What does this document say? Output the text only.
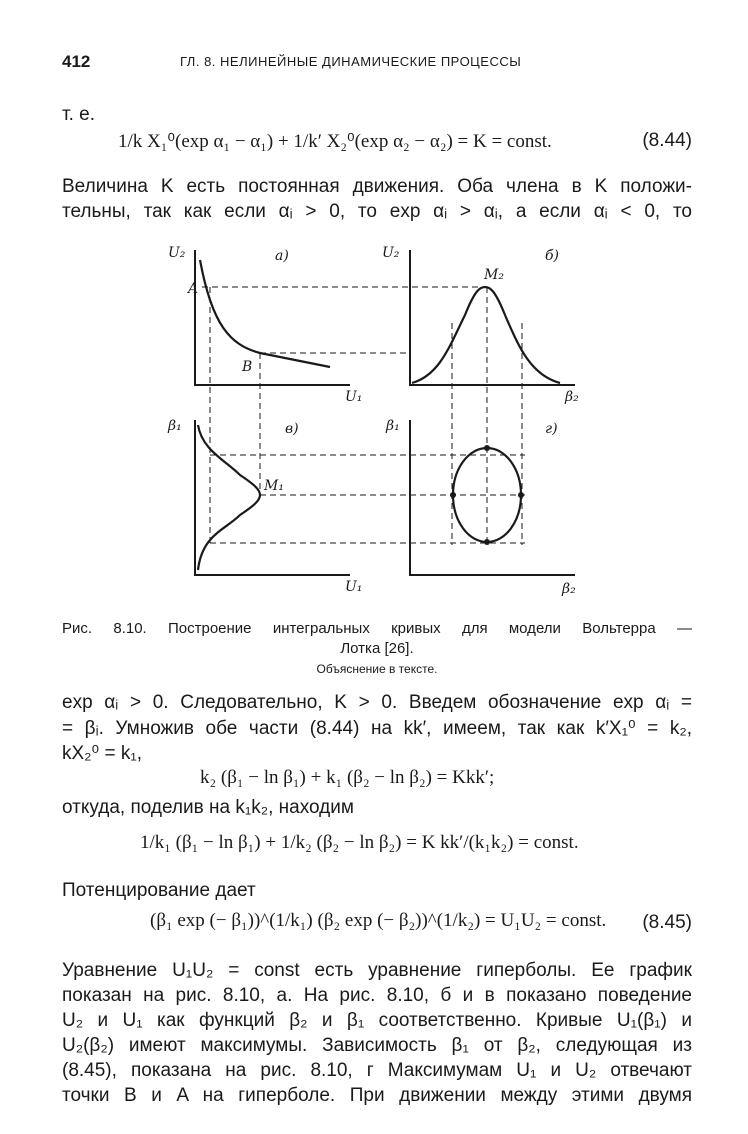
412	ГЛ. 8. НЕЛИНЕЙНЫЕ ДИНАМИЧЕСКИЕ ПРОЦЕССЫ
т. е.
1/k X₁⁰(exp α₁ − α₁) + 1/k′ X₂⁰(exp α₂ − α₂) = K = const.	(8.44)
Величина K есть постоянная движения. Оба члена в K положи-
тельны, так как если αᵢ > 0, то exp αᵢ > αᵢ, а если αᵢ < 0, то
U₂
U₁
U₂
β₂
β₁
U₁
β₁
β₂
а)	б)
в)	г)
A
B
M₁
M₂
Рис. 8.10. Построение интегральных кривых для модели Вольтерра —
Лотка [26].
Объяснение в тексте.
exp αᵢ > 0. Следовательно, K > 0. Введем обозначение exp αᵢ =
= βᵢ. Умножив обе части (8.44) на kk′, имеем, так как k′X₁⁰ = k₂,
kX₂⁰ = k₁,
k₂ (β₁ − ln β₁) + k₁ (β₂ − ln β₂) = Kkk′;
откуда, поделив на k₁k₂, находим
1/k₁ (β₁ − ln β₁) + 1/k₂ (β₂ − ln β₂) = K kk′/(k₁k₂) = const.
Потенцирование дает
(β₁ exp (− β₁))^(1/k₁) (β₂ exp (− β₂))^(1/k₂) = U₁U₂ = const. (8.45)
Уравнение U₁U₂ = const есть уравнение гиперболы. Ее график
показан на рис. 8.10, а. На рис. 8.10, б и в показано поведение
U₂ и U₁ как функций β₂ и β₁ соответственно. Кривые U₁(β₁) и
U₂(β₂) имеют максимумы. Зависимость β₁ от β₂, следующая из
(8.45), показана на рис. 8.10, г Максимумам U₁ и U₂ отвечают
точки B и A на гиперболе. При движении между этими двумя
